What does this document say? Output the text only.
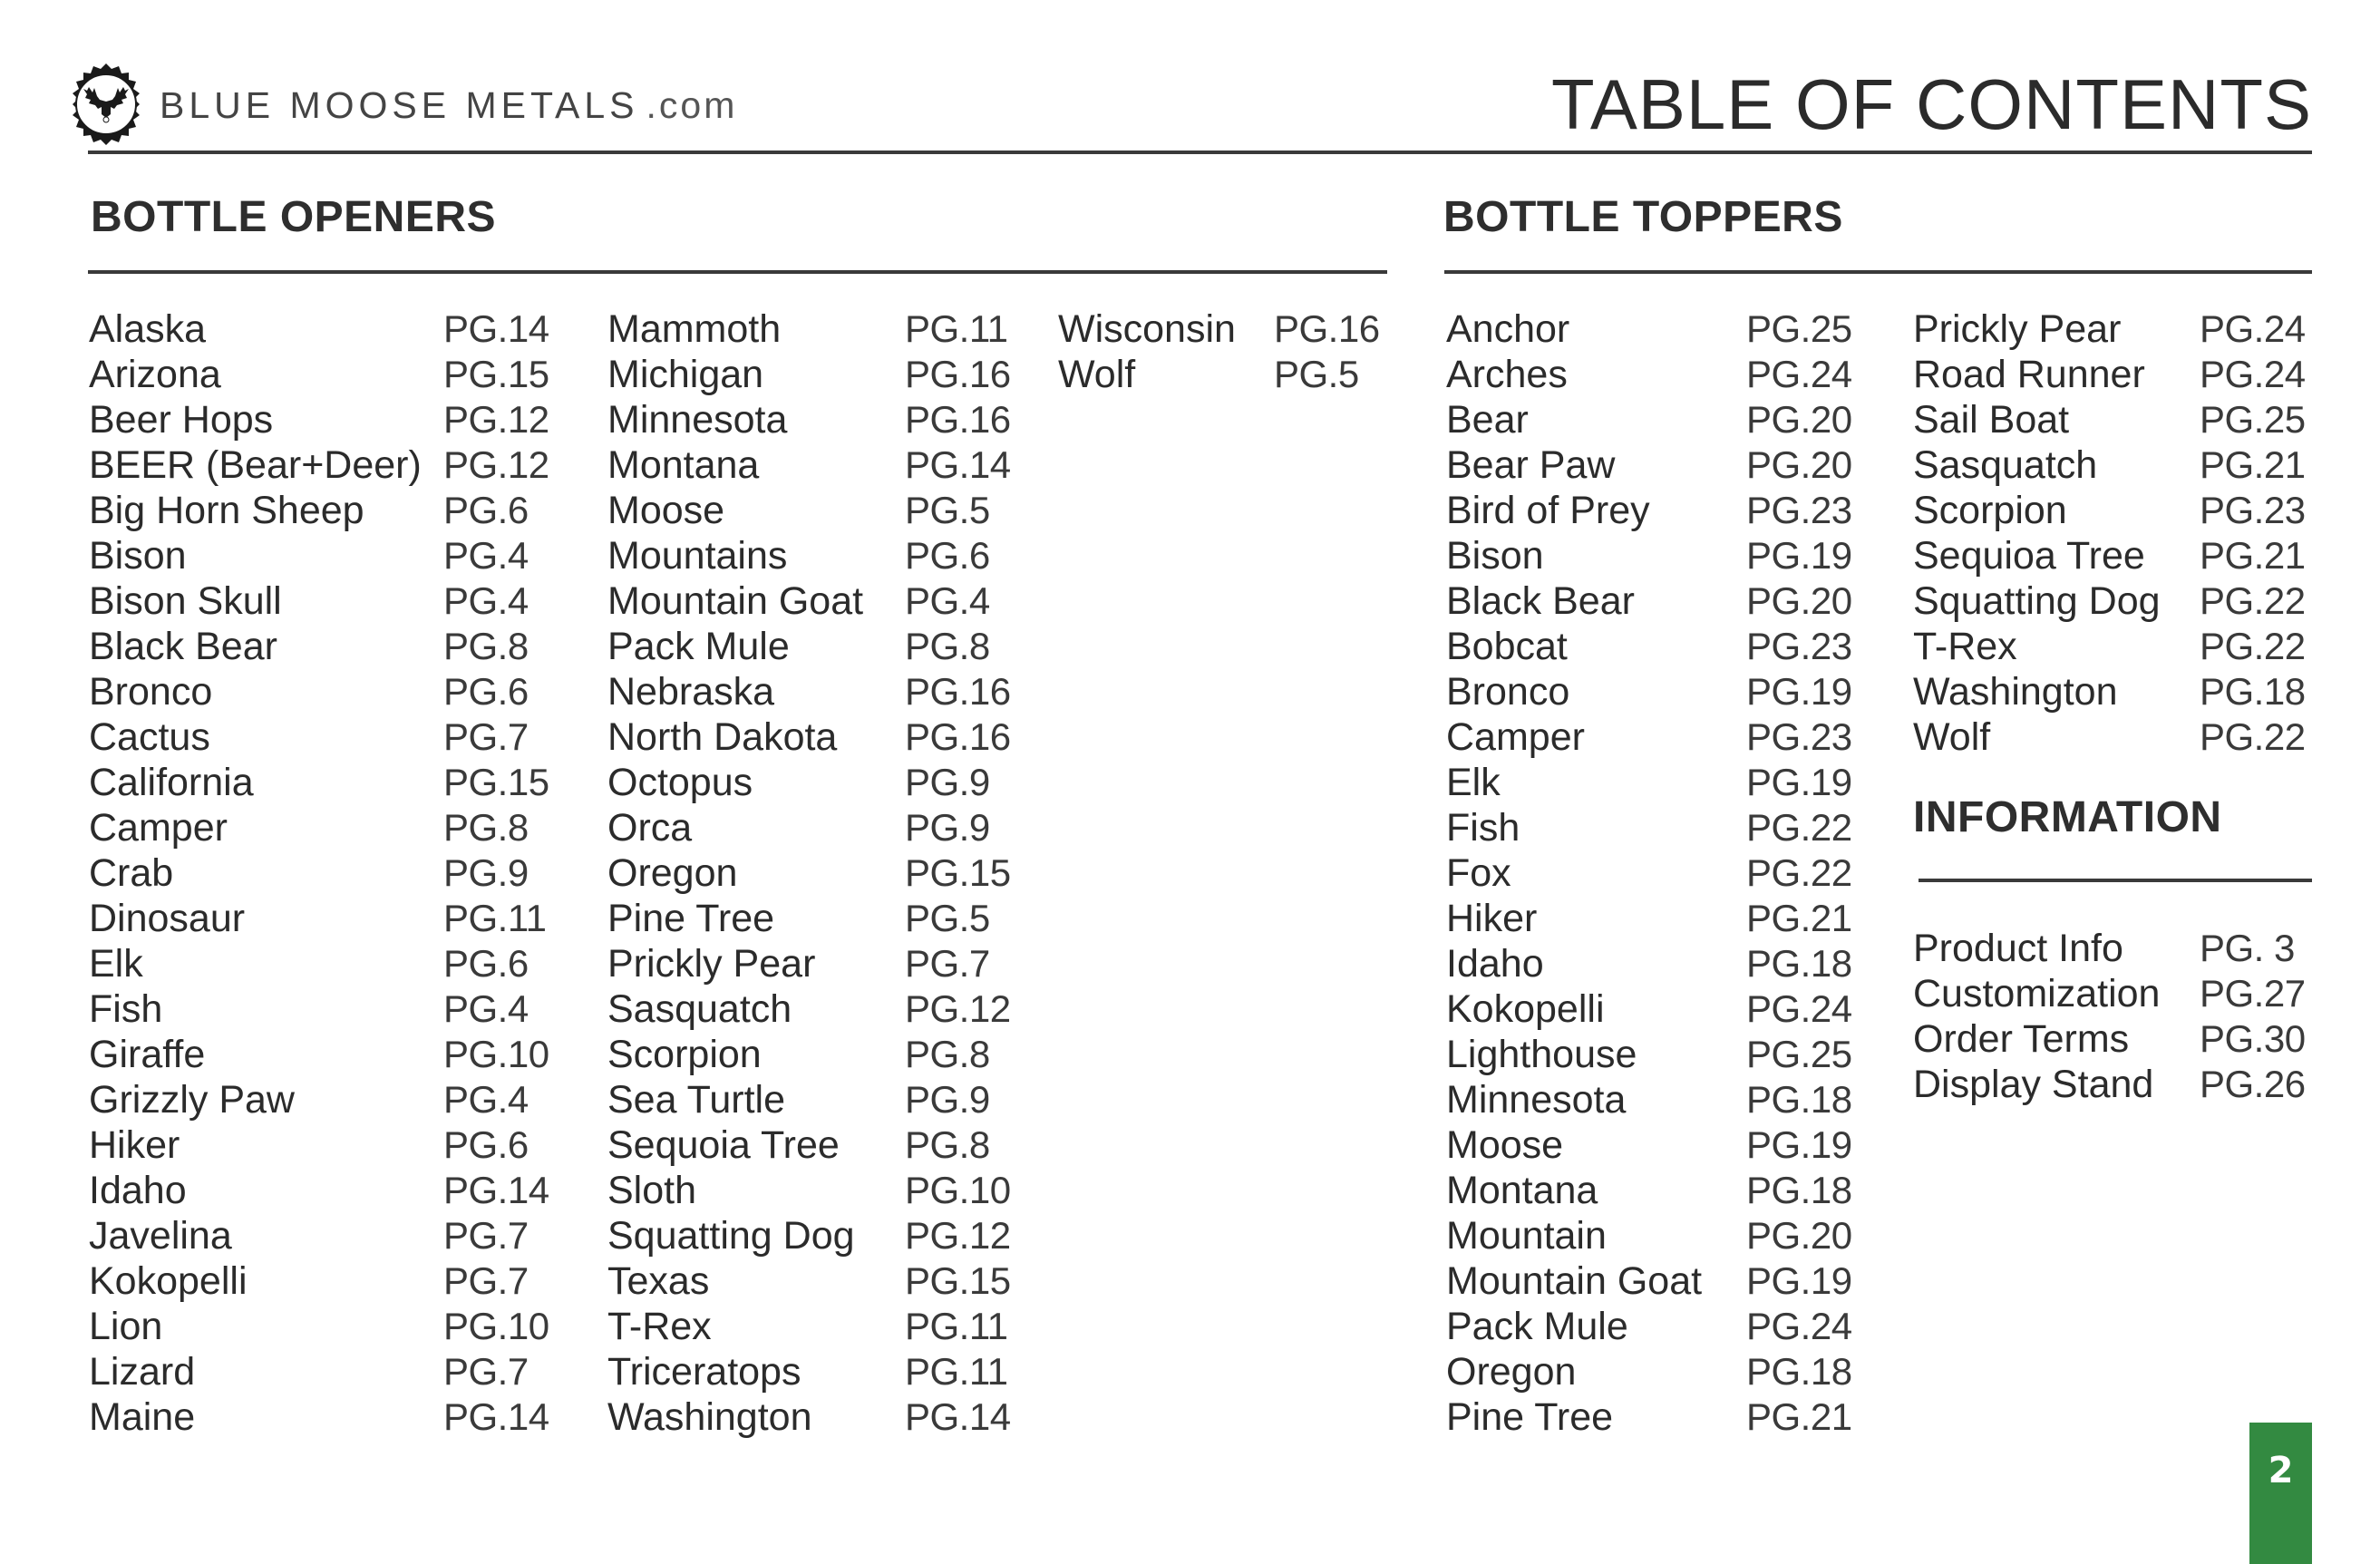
BLUE MOOSE METALS .com	TABLE OF CONTENTS
BOTTLE OPENERS
Alaska	PG.14
Arizona	PG.15
Beer Hops	PG.12
BEER (Bear+Deer) PG.12
Big Horn Sheep PG.6
Bison	PG.4
Bison Skull	PG.4
Black Bear	PG.8
Bronco	PG.6
Cactus	PG.7
California	PG.15
Camper	PG.8
Crab	PG.9
Dinosaur	PG.11
Elk	PG.6
Fish	PG.4
Giraffe	PG.10
Grizzly Paw	PG.4
Hiker	PG.6
Idaho	PG.14
Javelina	PG.7
Kokopelli	PG.7
Lion	PG.10
Lizard	PG.7
Maine	PG.14
Mammoth	PG.11
Michigan	PG.16
Minnesota	PG.16
Montana	PG.14
Moose	PG.5
Mountains	PG.6
Mountain Goat PG.4
Pack Mule	PG.8
Nebraska	PG.16
North Dakota PG.16
Octopus	PG.9
Orca	PG.9
Oregon	PG.15
Pine Tree	PG.5
Prickly Pear PG.7
Sasquatch	PG.12
Scorpion	PG.8
Sea Turtle	PG.9
Sequoia Tree PG.8
Sloth	PG.10
Squatting Dog PG.12
Texas	PG.15
T-Rex	PG.11
Triceratops	PG.11
Washington PG.14
Wisconsin PG.16
Wolf	PG.5
BOTTLE TOPPERS
Anchor	PG.25
Arches	PG.24
Bear	PG.20
Bear Paw	PG.20
Bird of Prey	PG.23
Bison	PG.19
Black Bear	PG.20
Bobcat	PG.23
Bronco	PG.19
Camper	PG.23
Elk	PG.19
Fish	PG.22
Fox	PG.22
Hiker	PG.21
Idaho	PG.18
Kokopelli	PG.24
Lighthouse	PG.25
Minnesota	PG.18
Moose	PG.19
Montana	PG.18
Mountain	PG.20
Mountain Goat PG.19
Pack Mule	PG.24
Oregon	PG.18
Pine Tree	PG.21
Prickly Pear PG.24
Road Runner PG.24
Sail Boat	PG.25
Sasquatch	PG.21
Scorpion	PG.23
Sequioa Tree PG.21
Squatting Dog PG.22
T-Rex	PG.22
Washington PG.18
Wolf	PG.22
INFORMATION
Product Info PG. 3
Customization PG.27
Order Terms PG.30
Display Stand PG.26
2
